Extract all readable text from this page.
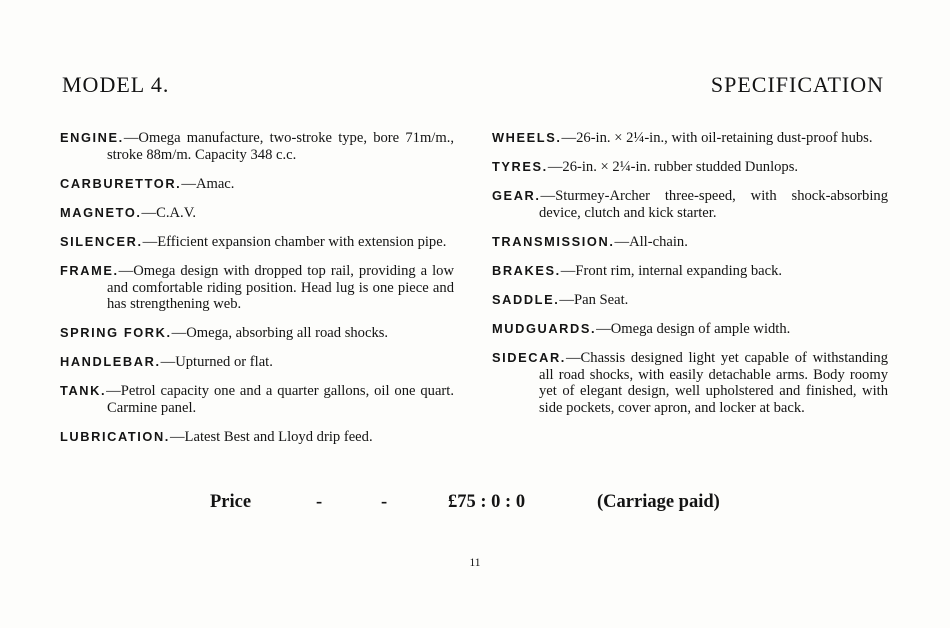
MODEL 4.	SPECIFICATION

ENGINE.—Omega manufacture, two-stroke type, bore 71m/m., stroke 88m/m. Capacity 348 c.c.

CARBURETTOR.—Amac.

MAGNETO.—C.A.V.

SILENCER.—Efficient expansion chamber with extension pipe.

FRAME.—Omega design with dropped top rail, providing a low and comfortable riding position. Head lug is one piece and has strengthening web.

SPRING FORK.—Omega, absorbing all road shocks.

HANDLEBAR.—Upturned or flat.

TANK.—Petrol capacity one and a quarter gallons, oil one quart. Carmine panel.

LUBRICATION.—Latest Best and Lloyd drip feed.

WHEELS.—26-in. × 2¼-in., with oil-retaining dust-proof hubs.

TYRES.—26-in. × 2¼-in. rubber studded Dunlops.

GEAR.—Sturmey-Archer three-speed, with shock-absorbing device, clutch and kick starter.

TRANSMISSION.—All-chain.

BRAKES.—Front rim, internal expanding back.

SADDLE.—Pan Seat.

MUDGUARDS.—Omega design of ample width.

SIDECAR.—Chassis designed light yet capable of withstanding all road shocks, with easily detachable arms. Body roomy yet of elegant design, well upholstered and finished, with side pockets, cover apron, and locker at back.

Price	-	-	£75 : 0 : 0	(Carriage paid)
11
